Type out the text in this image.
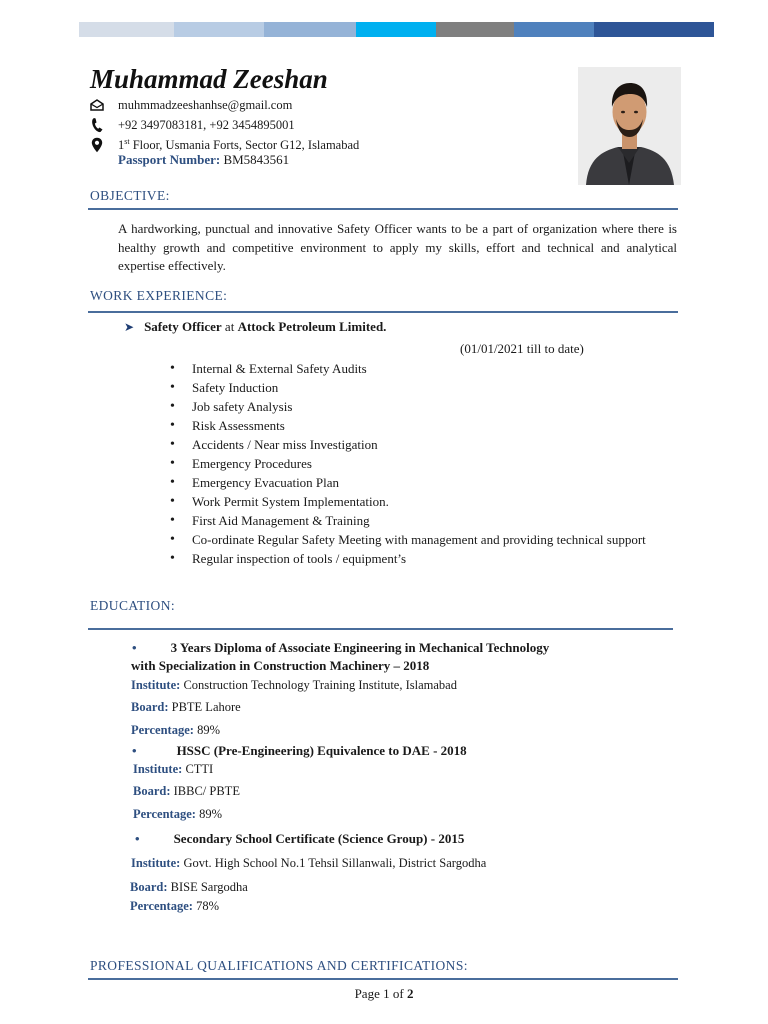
Muhammad Zeeshan
muhmmadzeeshanhse@gmail.com
+92 3497083181, +92 3454895001
1st Floor, Usmania Forts, Sector G12, Islamabad
Passport Number: BM5843561
OBJECTIVE:
A hardworking, punctual and innovative Safety Officer wants to be a part of organization where there is healthy growth and competitive environment to apply my skills, effort and technical and analytical expertise effectively.
WORK EXPERIENCE:
➤ Safety Officer at Attock Petroleum Limited.
(01/01/2021 till to date)
• Internal & External Safety Audits
• Safety Induction
• Job safety Analysis
• Risk Assessments
• Accidents / Near miss Investigation
• Emergency Procedures
• Emergency Evacuation Plan
• Work Permit System Implementation.
• First Aid Management & Training
• Co-ordinate Regular Safety Meeting with management and providing technical support
• Regular inspection of tools / equipment’s
EDUCATION:
•	3 Years Diploma of Associate Engineering in Mechanical Technology
with Specialization in Construction Machinery – 2018
Institute: Construction Technology Training Institute, Islamabad
Board: PBTE Lahore
Percentage: 89%
•	HSSC (Pre-Engineering) Equivalence to DAE - 2018
Institute: CTTI
Board: IBBC/ PBTE
Percentage: 89%
•	Secondary School Certificate (Science Group) - 2015
Institute: Govt. High School No.1 Tehsil Sillanwali, District Sargodha
Board: BISE Sargodha
Percentage: 78%
PROFESSIONAL QUALIFICATIONS AND CERTIFICATIONS:
Page 1 of 2
